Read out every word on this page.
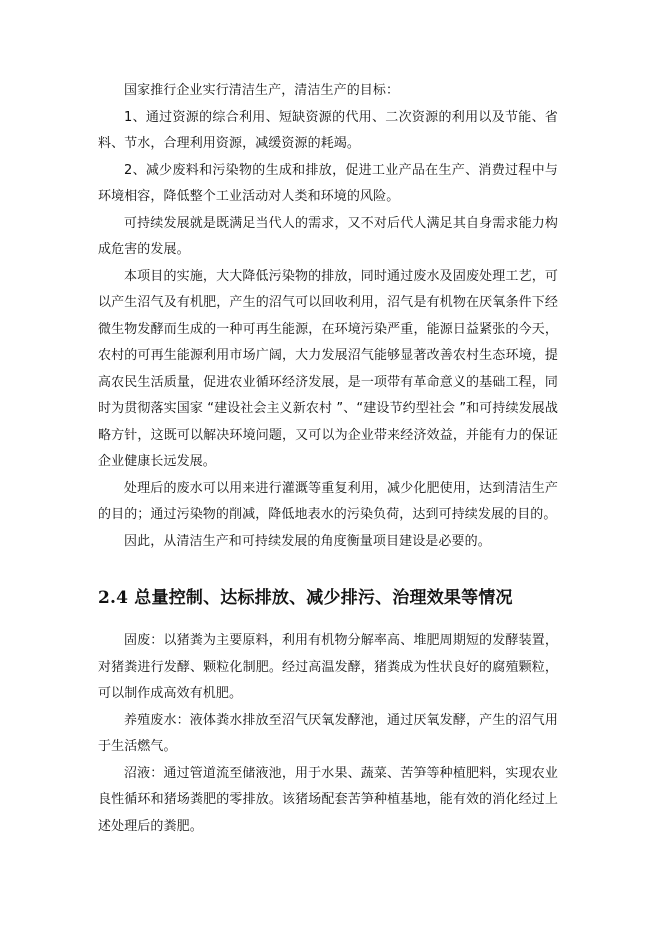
国家推行企业实行清洁生产，清洁生产的目标：

1、通过资源的综合利用、短缺资源的代用、二次资源的利用以及节能、省料、节水，合理利用资源，减缓资源的耗竭。

2、减少废料和污染物的生成和排放，促进工业产品在生产、消费过程中与环境相容，降低整个工业活动对人类和环境的风险。

可持续发展就是既满足当代人的需求，又不对后代人满足其自身需求能力构成危害的发展。

本项目的实施，大大降低污染物的排放，同时通过废水及固废处理工艺，可以产生沼气及有机肥，产生的沼气可以回收利用，沼气是有机物在厌氧条件下经微生物发酵而生成的一种可再生能源，在环境污染严重，能源日益紧张的今天，农村的可再生能源利用市场广阔，大力发展沼气能够显著改善农村生态环境，提高农民生活质量，促进农业循环经济发展，是一项带有革命意义的基础工程，同时为贯彻落实国家 “建设社会主义新农村 ”、“建设节约型社会 ”和可持续发展战略方针，这既可以解决环境问题，又可以为企业带来经济效益，并能有力的保证企业健康长远发展。

处理后的废水可以用来进行灌溉等重复利用，减少化肥使用，达到清洁生产的目的；通过污染物的削减，降低地表水的污染负荷，达到可持续发展的目的。

因此，从清洁生产和可持续发展的角度衡量项目建设是必要的。

2.4 总量控制、达标排放、减少排污、治理效果等情况

固废：以猪粪为主要原料，利用有机物分解率高、堆肥周期短的发酵装置，对猪粪进行发酵、颗粒化制肥。经过高温发酵，猪粪成为性状良好的腐殖颗粒，可以制作成高效有机肥。

养殖废水：液体粪水排放至沼气厌氧发酵池，通过厌氧发酵，产生的沼气用于生活燃气。

沼液：通过管道流至储液池，用于水果、蔬菜、苦笋等种植肥料，实现农业良性循环和猪场粪肥的零排放。该猪场配套苦笋种植基地，能有效的消化经过上述处理后的粪肥。
